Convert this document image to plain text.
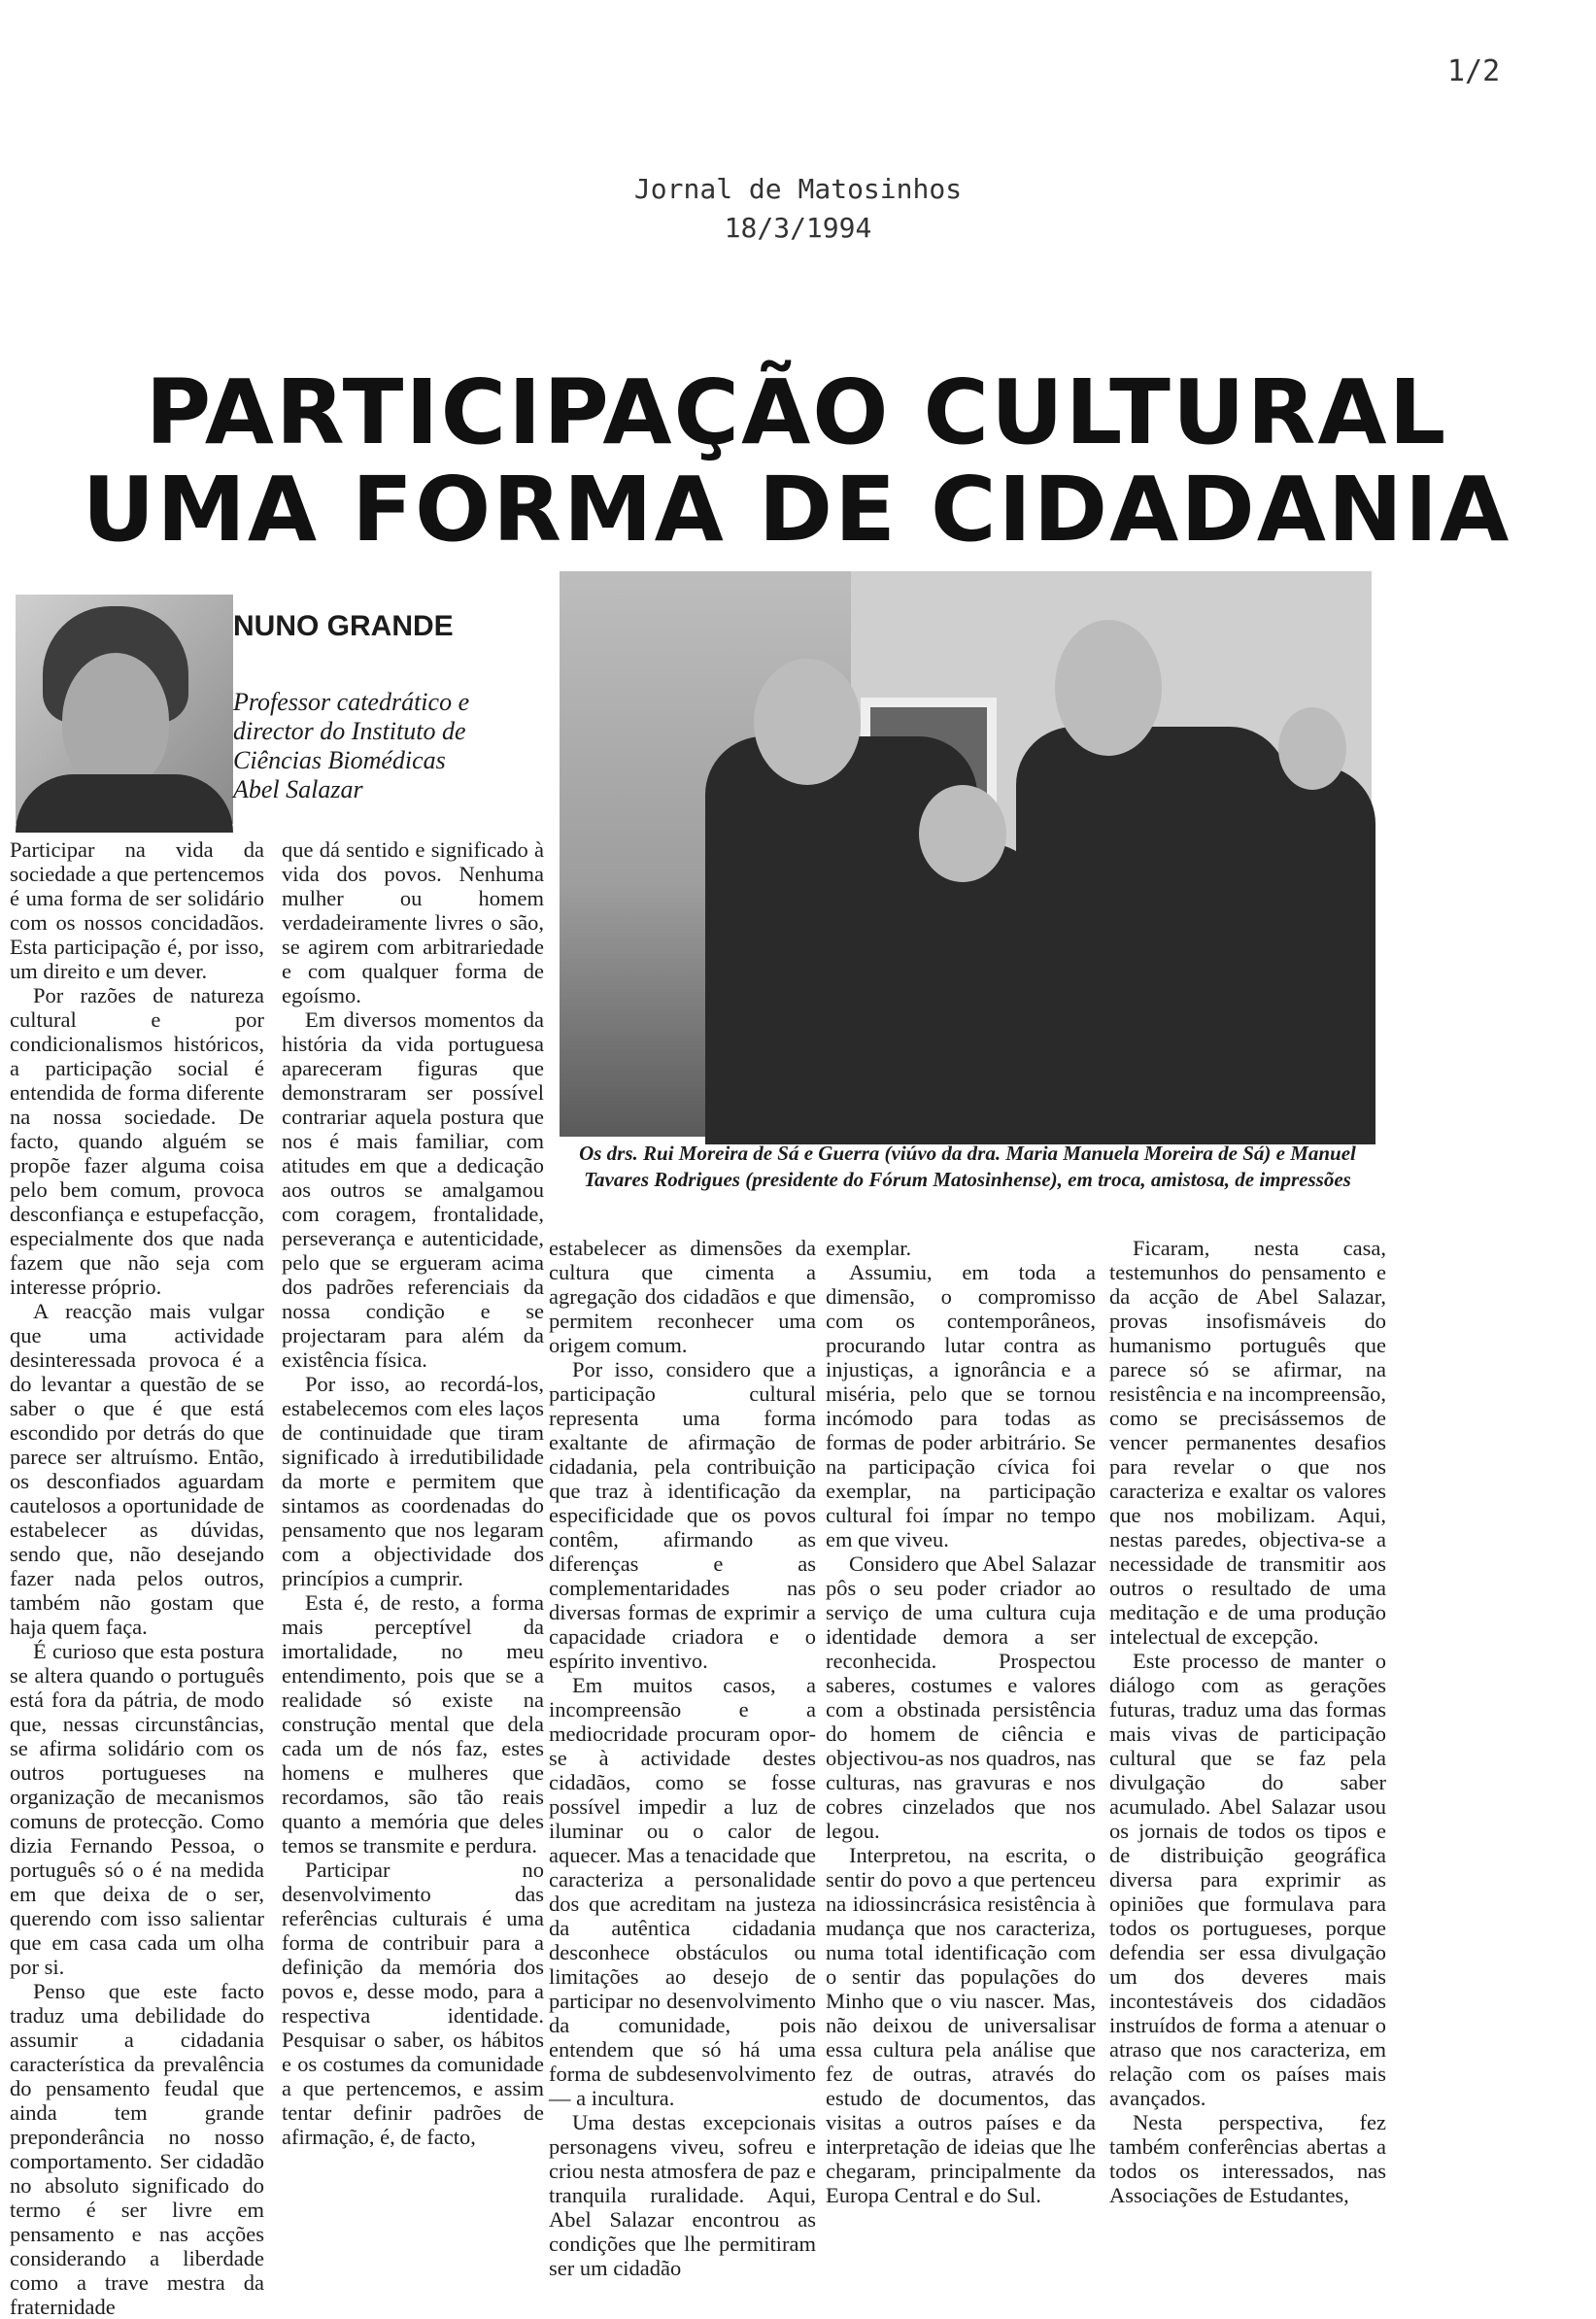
1/2
Jornal de Matosinhos
18/3/1994
PARTICIPAÇÃO CULTURAL
UMA FORMA DE CIDADANIA
NUNO GRANDE
Professor catedrático e director do Instituto de Ciências Biomédicas Abel Salazar
Os drs. Rui Moreira de Sá e Guerra (viúvo da dra. Maria Manuela Moreira de Sá) e Manuel Tavares Rodrigues (presidente do Fórum Matosinhense), em troca, amistosa, de impressões

Participar na vida da sociedade a que pertencemos é uma forma de ser solidário com os nossos concidadãos. Esta participação é, por isso, um direito e um dever.

Por razões de natureza cultural e por condicionalismos históricos, a participação social é entendida de forma diferente na nossa sociedade. De facto, quando alguém se propõe fazer alguma coisa pelo bem comum, provoca desconfiança e estupefacção, especialmente dos que nada fazem que não seja com interesse próprio.

A reacção mais vulgar que uma actividade desinteressada provoca é a do levantar a questão de se saber o que é que está escondido por detrás do que parece ser altruísmo. Então, os desconfiados aguardam cautelosos a oportunidade de estabelecer as dúvidas, sendo que, não desejando fazer nada pelos outros, também não gostam que haja quem faça.

É curioso que esta postura se altera quando o português está fora da pátria, de modo que, nessas circunstâncias, se afirma solidário com os outros portugueses na organização de mecanismos comuns de protecção. Como dizia Fernando Pessoa, o português só o é na medida em que deixa de o ser, querendo com isso salientar que em casa cada um olha por si.

Penso que este facto traduz uma debilidade do assumir a cidadania característica da prevalência do pensamento feudal que ainda tem grande preponderância no nosso comportamento. Ser cidadão no absoluto significado do termo é ser livre em pensamento e nas acções considerando a liberdade como a trave mestra da fraternidade

que dá sentido e significado à vida dos povos. Nenhuma mulher ou homem verdadeiramente livres o são, se agirem com arbitrariedade e com qualquer forma de egoísmo.

Em diversos momentos da história da vida portuguesa apareceram figuras que demonstraram ser possível contrariar aquela postura que nos é mais familiar, com atitudes em que a dedicação aos outros se amalgamou com coragem, frontalidade, perseverança e autenticidade, pelo que se ergueram acima dos padrões referenciais da nossa condição e se projectaram para além da existência física.

Por isso, ao recordá-los, estabelecemos com eles laços de continuidade que tiram significado à irredutibilidade da morte e permitem que sintamos as coordenadas do pensamento que nos legaram com a objectividade dos princípios a cumprir.

Esta é, de resto, a forma mais perceptível da imortalidade, no meu entendimento, pois que se a realidade só existe na construção mental que dela cada um de nós faz, estes homens e mulheres que recordamos, são tão reais quanto a memória que deles temos se transmite e perdura.

Participar no desenvolvimento das referências culturais é uma forma de contribuir para a definição da memória dos povos e, desse modo, para a respectiva identidade. Pesquisar o saber, os hábitos e os costumes da comunidade a que pertencemos, e assim tentar definir padrões de afirmação, é, de facto,

estabelecer as dimensões da cultura que cimenta a agregação dos cidadãos e que permitem reconhecer uma origem comum.

Por isso, considero que a participação cultural representa uma forma exaltante de afirmação de cidadania, pela contribuição que traz à identificação da especificidade que os povos contêm, afirmando as diferenças e as complementaridades nas diversas formas de exprimir a capacidade criadora e o espírito inventivo.

Em muitos casos, a incompreensão e a mediocridade procuram opor-se à actividade destes cidadãos, como se fosse possível impedir a luz de iluminar ou o calor de aquecer. Mas a tenacidade que caracteriza a personalidade dos que acreditam na justeza da autêntica cidadania desconhece obstáculos ou limitações ao desejo de participar no desenvolvimento da comunidade, pois entendem que só há uma forma de subdesenvolvimento — a incultura.

Uma destas excepcionais personagens viveu, sofreu e criou nesta atmosfera de paz e tranquila ruralidade. Aqui, Abel Salazar encontrou as condições que lhe permitiram ser um cidadão

exemplar.

Assumiu, em toda a dimensão, o compromisso com os contemporâneos, procurando lutar contra as injustiças, a ignorância e a miséria, pelo que se tornou incómodo para todas as formas de poder arbitrário. Se na participação cívica foi exemplar, na participação cultural foi ímpar no tempo em que viveu.

Considero que Abel Salazar pôs o seu poder criador ao serviço de uma cultura cuja identidade demora a ser reconhecida. Prospectou saberes, costumes e valores com a obstinada persistência do homem de ciência e objectivou-as nos quadros, nas culturas, nas gravuras e nos cobres cinzelados que nos legou.

Interpretou, na escrita, o sentir do povo a que pertenceu na idiossincrásica resistência à mudança que nos caracteriza, numa total identificação com o sentir das populações do Minho que o viu nascer. Mas, não deixou de universalisar essa cultura pela análise que fez de outras, através do estudo de documentos, das visitas a outros países e da interpretação de ideias que lhe chegaram, principalmente da Europa Central e do Sul.

Ficaram, nesta casa, testemunhos do pensamento e da acção de Abel Salazar, provas insofismáveis do humanismo português que parece só se afirmar, na resistência e na incompreensão, como se precisássemos de vencer permanentes desafios para revelar o que nos caracteriza e exaltar os valores que nos mobilizam. Aqui, nestas paredes, objectiva-se a necessidade de transmitir aos outros o resultado de uma meditação e de uma produção intelectual de excepção.

Este processo de manter o diálogo com as gerações futuras, traduz uma das formas mais vivas de participação cultural que se faz pela divulgação do saber acumulado. Abel Salazar usou os jornais de todos os tipos e de distribuição geográfica diversa para exprimir as opiniões que formulava para todos os portugueses, porque defendia ser essa divulgação um dos deveres mais incontestáveis dos cidadãos instruídos de forma a atenuar o atraso que nos caracteriza, em relação com os países mais avançados.

Nesta perspectiva, fez também conferências abertas a todos os interessados, nas Associações de Estudantes,
